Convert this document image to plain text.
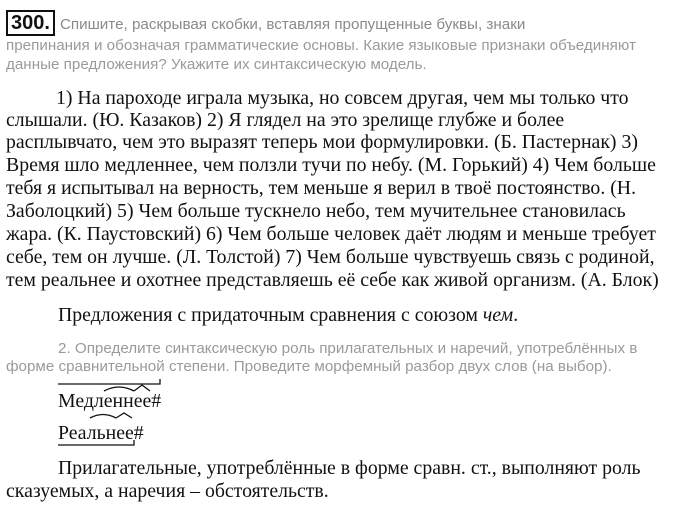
300. Спишите, раскрывая скобки, вставляя пропущенные буквы, знаки
препинания и обозначая грамматические основы. Какие языковые признаки объединяют
данные предложения? Укажите их синтаксическую модель.
1) На пароходе играла музыка, но совсем другая, чем мы только что
слышали. (Ю. Казаков) 2) Я глядел на это зрелище глубже и более
расплывчато, чем это выразят теперь мои формулировки. (Б. Пастернак) 3)
Время шло медленнее, чем ползли тучи по небу. (М. Горький) 4) Чем больше
тебя я испытывал на верность, тем меньше я верил в твоё постоянство. (Н.
Заболоцкий) 5) Чем больше тускнело небо, тем мучительнее становилась
жара. (К. Паустовский) 6) Чем больше человек даёт людям и меньше требует
себе, тем он лучше. (Л. Толстой) 7) Чем больше чувствуешь связь с родиной,
тем реальнее и охотнее представляешь её себе как живой организм. (А. Блок)
Предложения с придаточным сравнения с союзом чем.
2. Определите синтаксическую роль прилагательных и наречий, употреблённых в
форме сравнительной степени. Проведите морфемный разбор двух слов (на выбор).
Медленнее#
Реальнее#
Прилагательные, употреблённые в форме сравн. ст., выполняют роль
сказуемых, а наречия – обстоятельств.
